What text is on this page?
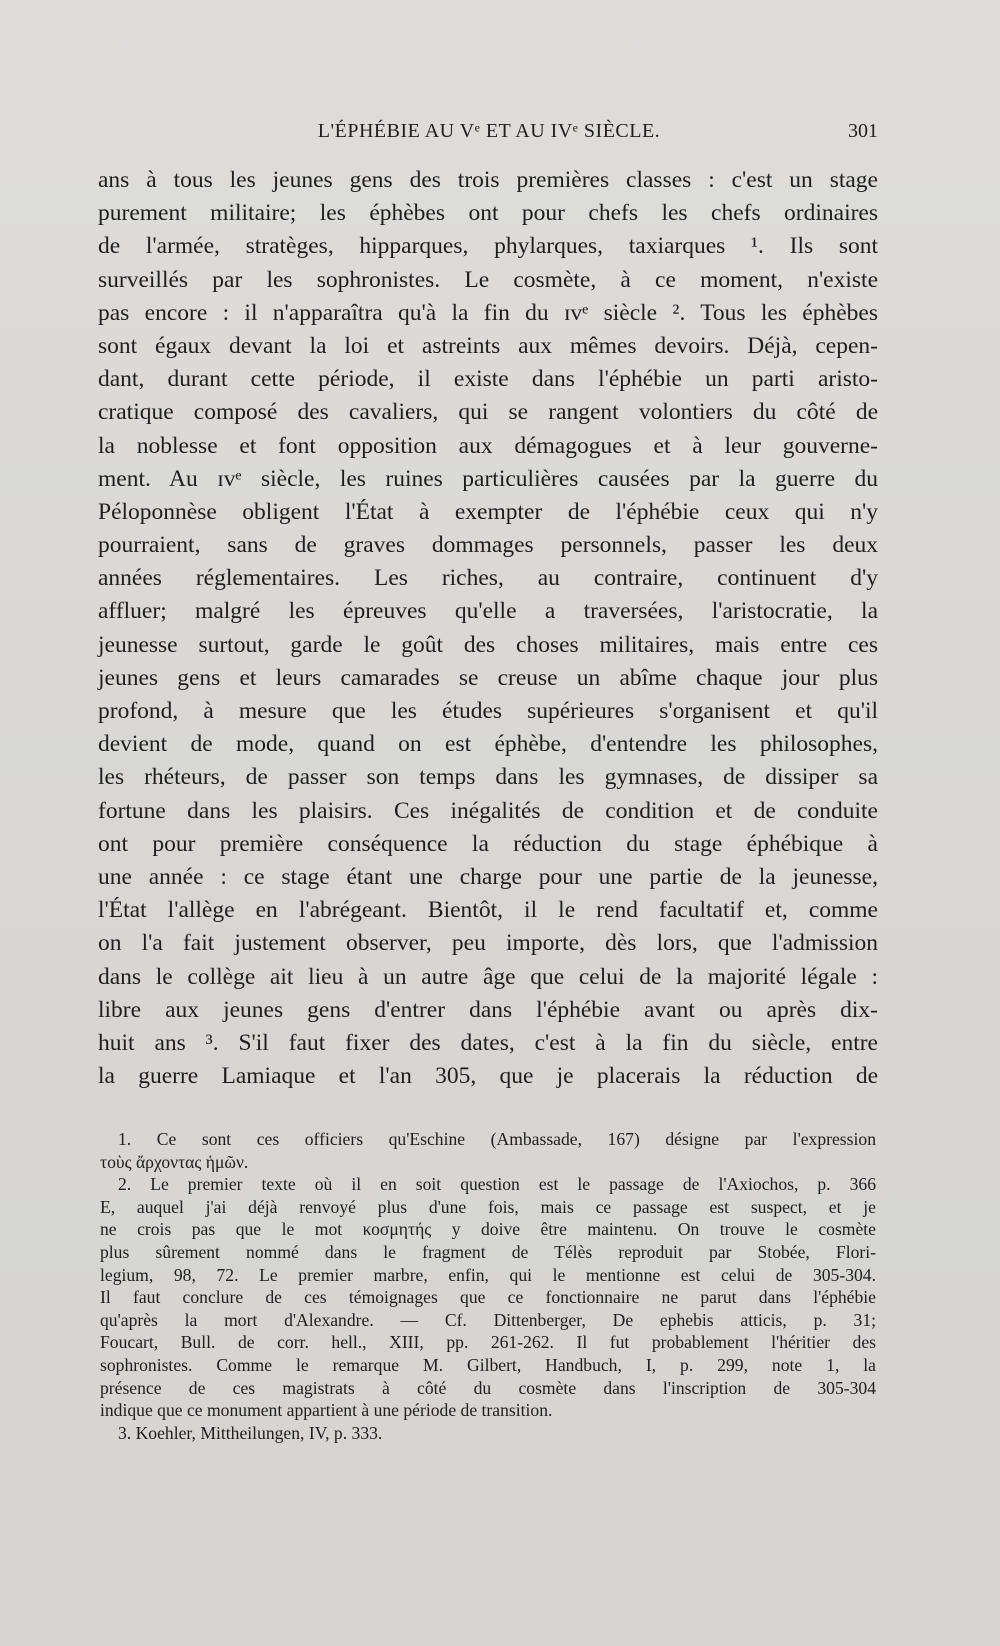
L'ÉPHÉBIE AU Vᵉ ET AU IVᵉ SIÈCLE.	301
ans à tous les jeunes gens des trois premières classes : c'est un stage
purement militaire; les éphèbes ont pour chefs les chefs ordinaires
de l'armée, stratèges, hipparques, phylarques, taxiarques ¹. Ils sont
surveillés par les sophronistes. Le cosmète, à ce moment, n'existe
pas encore : il n'apparaîtra qu'à la fin du ɪvᵉ siècle ². Tous les éphèbes
sont égaux devant la loi et astreints aux mêmes devoirs. Déjà, cepen-
dant, durant cette période, il existe dans l'éphébie un parti aristo-
cratique composé des cavaliers, qui se rangent volontiers du côté de
la noblesse et font opposition aux démagogues et à leur gouverne-
ment. Au ɪvᵉ siècle, les ruines particulières causées par la guerre du
Péloponnèse obligent l'État à exempter de l'éphébie ceux qui n'y
pourraient, sans de graves dommages personnels, passer les deux
années réglementaires. Les riches, au contraire, continuent d'y
affluer; malgré les épreuves qu'elle a traversées, l'aristocratie, la
jeunesse surtout, garde le goût des choses militaires, mais entre ces
jeunes gens et leurs camarades se creuse un abîme chaque jour plus
profond, à mesure que les études supérieures s'organisent et qu'il
devient de mode, quand on est éphèbe, d'entendre les philosophes,
les rhéteurs, de passer son temps dans les gymnases, de dissiper sa
fortune dans les plaisirs. Ces inégalités de condition et de conduite
ont pour première conséquence la réduction du stage éphébique à
une année : ce stage étant une charge pour une partie de la jeunesse,
l'État l'allège en l'abrégeant. Bientôt, il le rend facultatif et, comme
on l'a fait justement observer, peu importe, dès lors, que l'admission
dans le collège ait lieu à un autre âge que celui de la majorité légale :
libre aux jeunes gens d'entrer dans l'éphébie avant ou après dix-
huit ans ³. S'il faut fixer des dates, c'est à la fin du siècle, entre
la guerre Lamiaque et l'an 305, que je placerais la réduction de
1. Ce sont ces officiers qu'Eschine (Ambassade, 167) désigne par l'expression
τοὺς ἄρχοντας ἡμῶν.
2. Le premier texte où il en soit question est le passage de l'Axiochos, p. 366
E, auquel j'ai déjà renvoyé plus d'une fois, mais ce passage est suspect, et je
ne crois pas que le mot κοσμητής y doive être maintenu. On trouve le cosmète
plus sûrement nommé dans le fragment de Télès reproduit par Stobée, Flori-
legium, 98, 72. Le premier marbre, enfin, qui le mentionne est celui de 305-304.
Il faut conclure de ces témoignages que ce fonctionnaire ne parut dans l'éphébie
qu'après la mort d'Alexandre. — Cf. Dittenberger, De ephebis atticis, p. 31;
Foucart, Bull. de corr. hell., XIII, pp. 261-262. Il fut probablement l'héritier des
sophronistes. Comme le remarque M. Gilbert, Handbuch, I, p. 299, note 1, la
présence de ces magistrats à côté du cosmète dans l'inscription de 305-304
indique que ce monument appartient à une période de transition.
3. Koehler, Mittheilungen, IV, p. 333.
